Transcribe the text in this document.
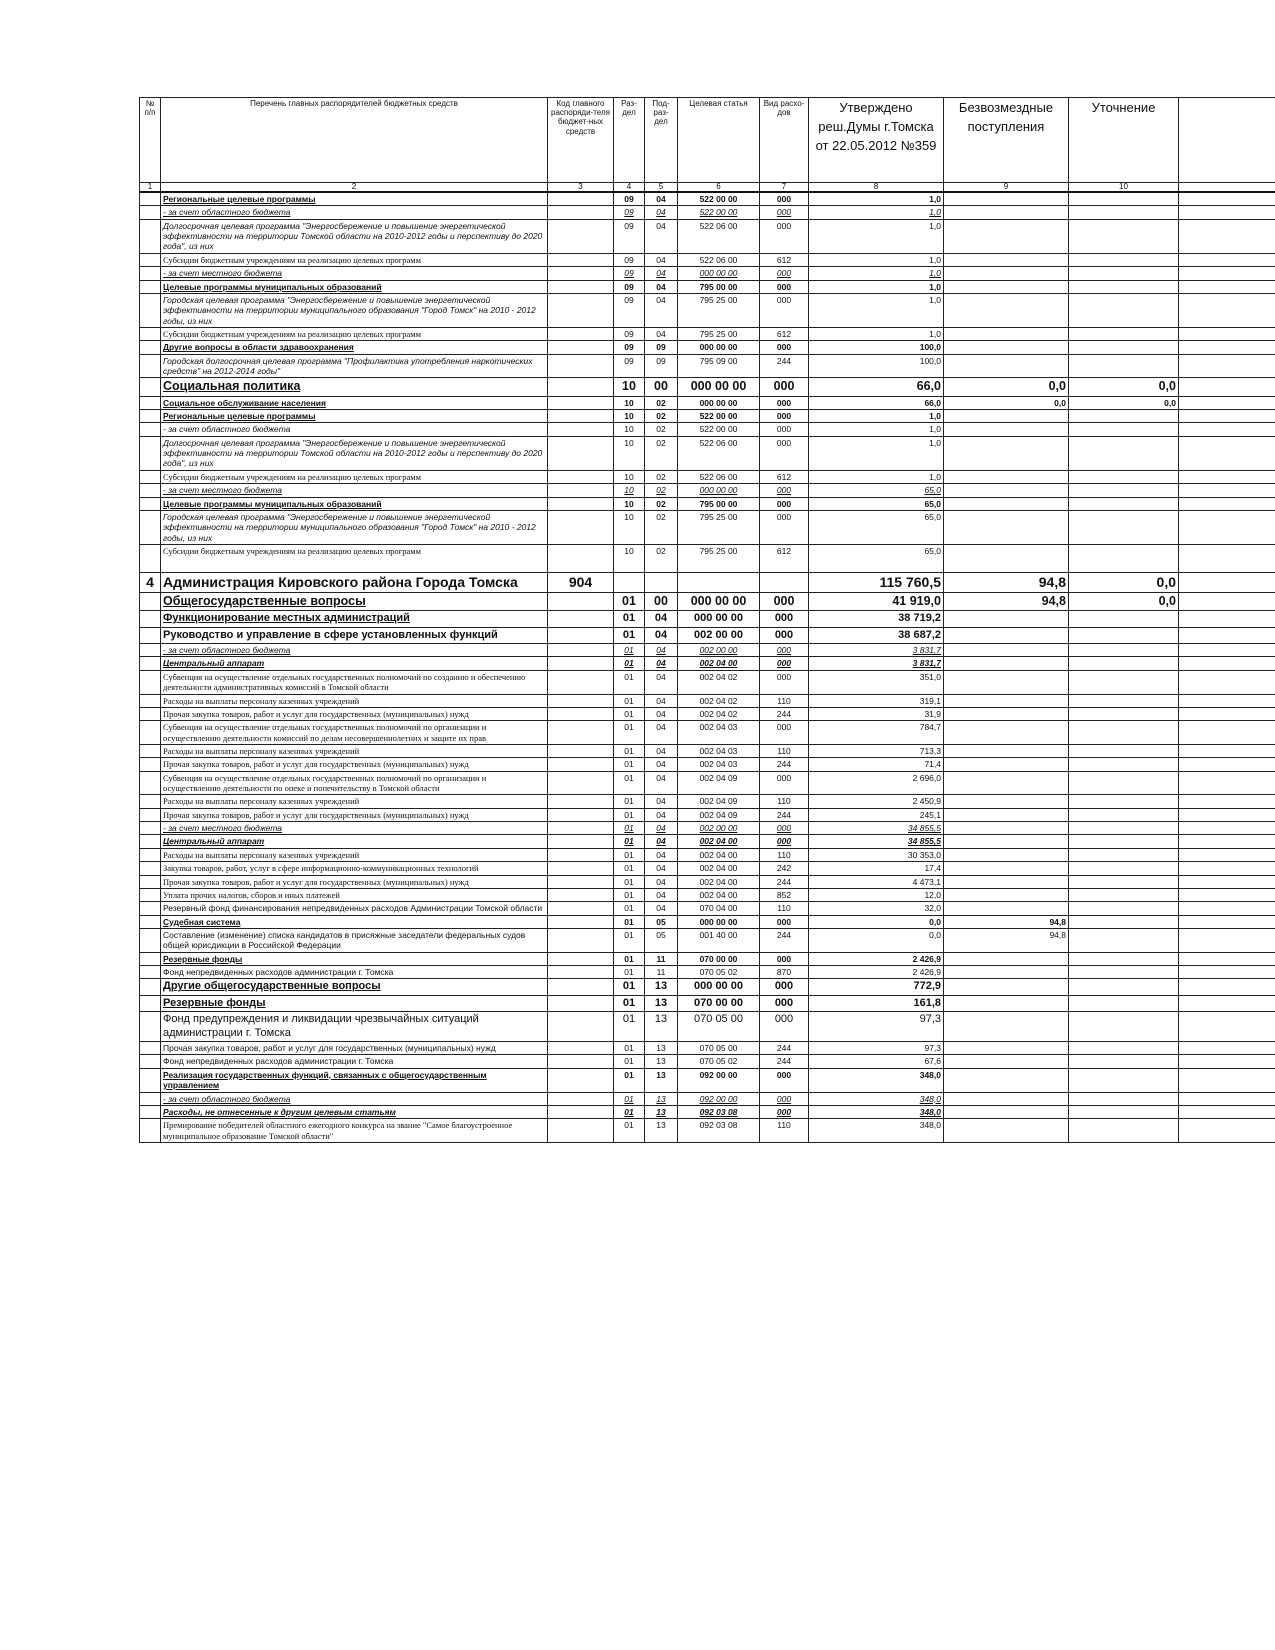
№ п/п	Перечень главных распорядителей бюджетных средств	Код главного распоряди-теля бюджет-ных средств	Раз-дел	Под-раз-дел	Целевая статья	Вид расхо-дов	Утверждено реш.Думы г.Томска от 22.05.2012 №359	Безвозмездные поступления	Уточнение	
1	2	3	4	5	6	7	8	9	10	
	Региональные целевые программы		09	04	522 00 00	000	1,0			
	- за счет областного бюджета		09	04	522 00 00	000	1,0			
	Долгосрочная целевая программа "Энергосбережение и повышение энергетической эффективности на территории Томской области на 2010-2012 годы и перспективу до 2020 года", из них		09	04	522 06 00	000	1,0			
	Субсидии бюджетным учреждениям на реализацию целевых программ		09	04	522 06 00	612	1,0			
	- за счет местного бюджета		09	04	000 00 00	000	1,0			
	Целевые программы муниципальных образований		09	04	795 00 00	000	1,0			
	Городская целевая программа "Энергосбережение и повышение энергетической эффективности на территории муниципального образования "Город Томск" на 2010 - 2012 годы, из них		09	04	795 25 00	000	1,0			
	Субсидии бюджетным учреждениям на реализацию целевых программ		09	04	795 25 00	612	1,0			
	Другие вопросы в области здравоохранения		09	09	000 00 00	000	100,0			
	Городская долгосрочная целевая программа "Профилактика употребления наркотических средств" на 2012-2014 годы"		09	09	795 09 00	244	100,0			
	Социальная политика		10	00	000 00 00	000	66,0	0,0	0,0	
	Социальное обслуживание населения		10	02	000 00 00	000	66,0	0,0	0,0	
	Региональные целевые программы		10	02	522 00 00	000	1,0			
	- за счет областного бюджета		10	02	522 00 00	000	1,0			
	Долгосрочная целевая программа "Энергосбережение и повышение энергетической эффективности на территории Томской области на 2010-2012 годы и перспективу до 2020 года", из них		10	02	522 06 00	000	1,0			
	Субсидии бюджетным учреждениям на реализацию целевых программ		10	02	522 06 00	612	1,0			
	- за счет местного бюджета		10	02	000 00 00	000	65,0			
	Целевые программы муниципальных образований		10	02	795 00 00	000	65,0			
	Городская целевая программа "Энергосбережение и повышение энергетической эффективности на территории муниципального образования "Город Томск" на 2010 - 2012 годы, из них		10	02	795 25 00	000	65,0			
	Субсидии бюджетным учреждениям на реализацию целевых программ		10	02	795 25 00	612	65,0			
4	Администрация Кировского района Города Томска	904					115 760,5	94,8	0,0	
	Общегосударственные вопросы		01	00	000 00 00	000	41 919,0	94,8	0,0	
	Функционирование местных администраций		01	04	000 00 00	000	38 719,2			
	Руководство и управление в сфере установленных функций		01	04	002 00 00	000	38 687,2			
	- за счет областного бюджета		01	04	002 00 00	000	3 831,7			
	Центральный аппарат		01	04	002 04 00	000	3 831,7			
	Субвенция на осуществление отдельных государственных полномочий по созданию и обеспечению деятельности административных комиссий в Томской области		01	04	002 04 02	000	351,0			
	Расходы на выплаты персоналу казенных учреждений		01	04	002 04 02	110	319,1			
	Прочая закупка товаров, работ и услуг для государственных (муниципальных) нужд		01	04	002 04 02	244	31,9			
	Субвенция на осуществление отдельных государственных полномочий по организации и осуществлению деятельности комиссий по делам несовершеннолетних и защите их прав		01	04	002 04 03	000	784,7			
	Расходы на выплаты персоналу казенных учреждений		01	04	002 04 03	110	713,3			
	Прочая закупка товаров, работ и услуг для государственных (муниципальных) нужд		01	04	002 04 03	244	71,4			
	Субвенция на осуществление отдельных государственных полномочий по организации и осуществлению деятельности по опеке и попечительству в Томской области		01	04	002 04 09	000	2 696,0			
	Расходы на выплаты персоналу казенных учреждений		01	04	002 04 09	110	2 450,9			
	Прочая закупка товаров, работ и услуг для государственных (муниципальных) нужд		01	04	002 04 09	244	245,1			
	- за счет местного бюджета		01	04	002 00 00	000	34 855,5			
	Центральный аппарат		01	04	002 04 00	000	34 855,5			
	Расходы на выплаты персоналу казенных учреждений		01	04	002 04 00	110	30 353,0			
	Закупка товаров, работ, услуг в сфере информационно-коммуникационных технологий		01	04	002 04 00	242	17,4			
	Прочая закупка товаров, работ и услуг для государственных (муниципальных) нужд		01	04	002 04 00	244	4 473,1			
	Уплата прочих налогов, сборов и иных платежей		01	04	002 04 00	852	12,0			
	Резервный фонд финансирования непредвиденных расходов Администрации Томской области		01	04	070 04 00	110	32,0			
	Судебная система		01	05	000 00 00	000	0,0	94,8		
	Составление (изменение) списка кандидатов в присяжные заседатели федеральных судов общей юрисдикции в Российской Федерации		01	05	001 40 00	244	0,0	94,8		
	Резервные фонды		01	11	070 00 00	000	2 426,9			
	Фонд непредвиденных расходов администрации г. Томска		01	11	070 05 02	870	2 426,9			
	Другие общегосударственные вопросы		01	13	000 00 00	000	772,9			
	Резервные фонды		01	13	070 00 00	000	161,8			
	Фонд предупреждения и ликвидации чрезвычайных ситуаций администрации г. Томска		01	13	070 05 00	000	97,3			
	Прочая закупка товаров, работ и услуг для государственных (муниципальных) нужд		01	13	070 05 00	244	97,3			
	Фонд непредвиденных расходов администрации г. Томска		01	13	070 05 02	244	67,6			
	Реализация государственных функций, связанных с общегосударственным управлением		01	13	092 00 00	000	348,0			
	- за счет областного бюджета		01	13	092 00 00	000	348,0			
	Расходы, не отнесенные к другим целевым статьям		01	13	092 03 08	000	348,0			
	Премирование победителей областного ежегодного конкурса на звание "Самое благоустроенное муниципальное образование Томской области"		01	13	092 03 08	110	348,0			
